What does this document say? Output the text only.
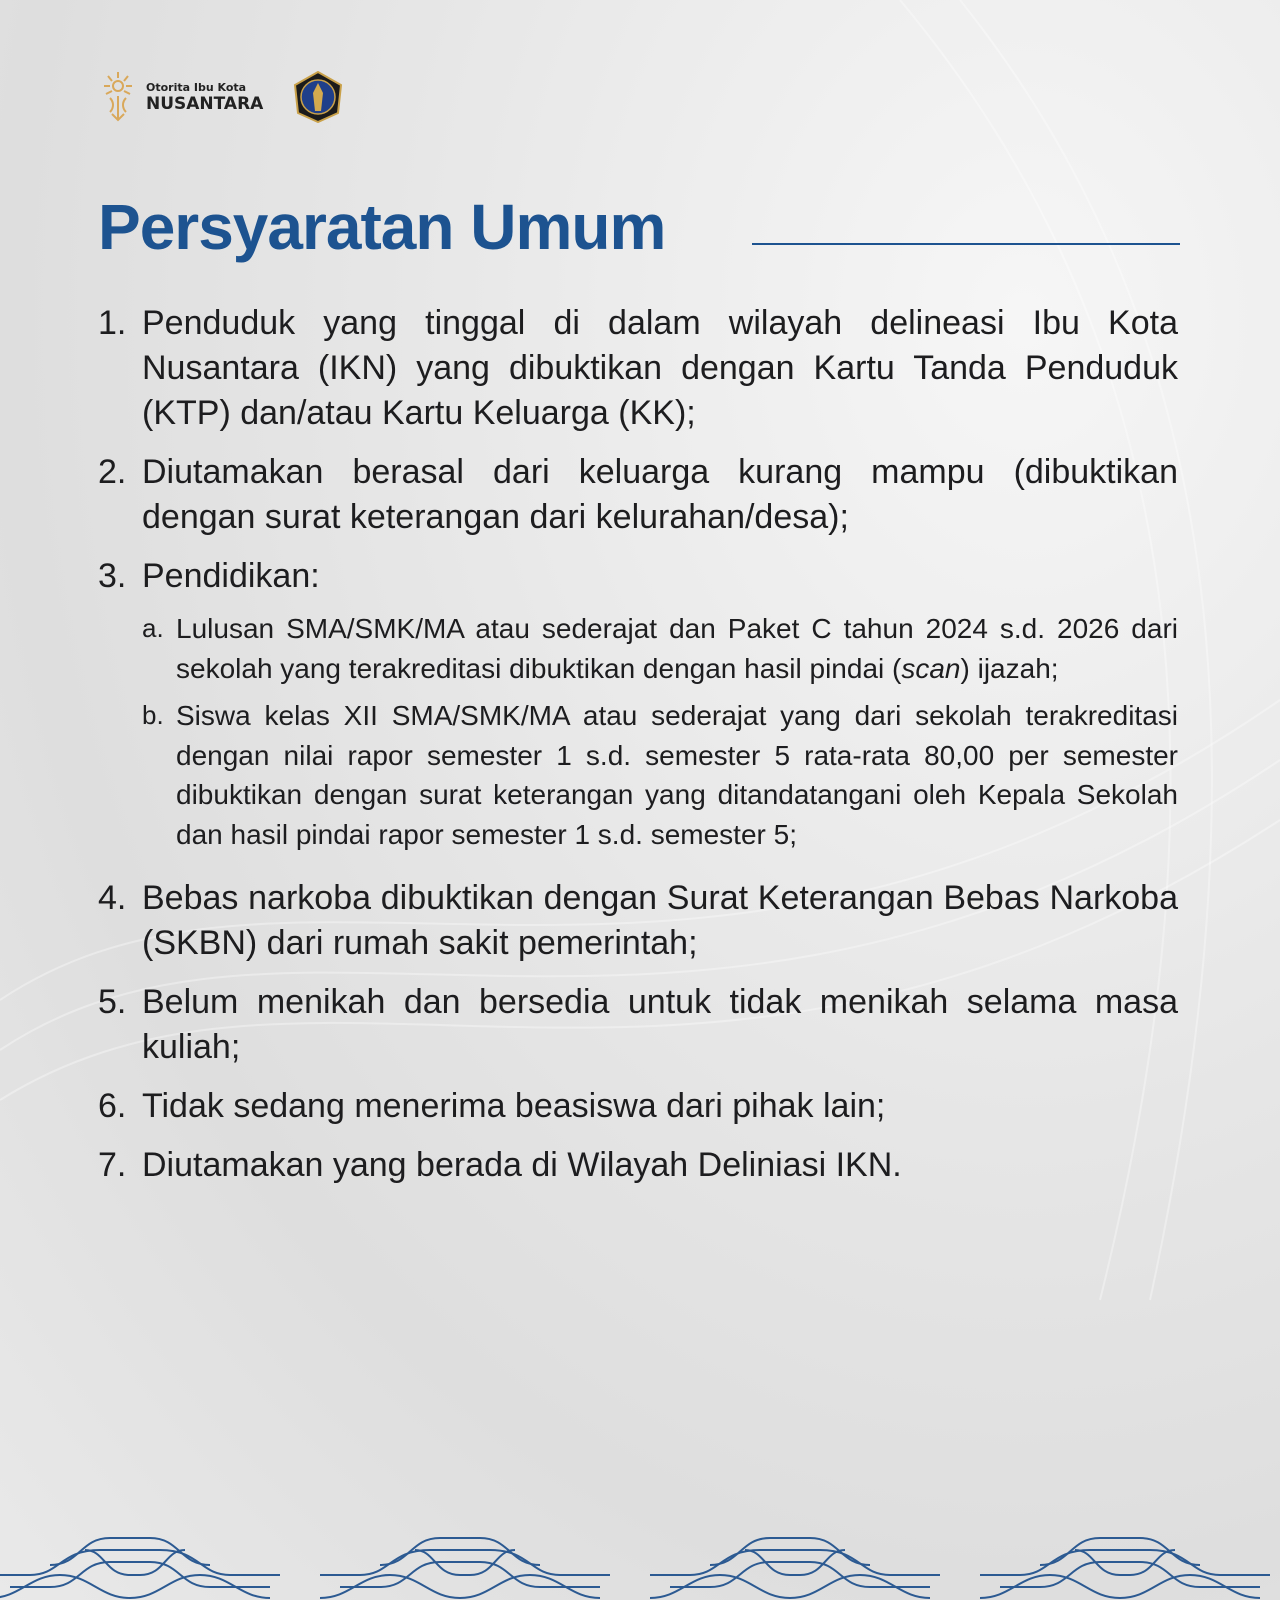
Otorita Ibu Kota
NUSANTARA
Persyaratan Umum
1. Penduduk yang tinggal di dalam wilayah delineasi Ibu Kota Nusantara (IKN) yang dibuktikan dengan Kartu Tanda Penduduk (KTP) dan/atau Kartu Keluarga (KK);
2. Diutamakan berasal dari keluarga kurang mampu (dibuktikan dengan surat keterangan dari kelurahan/desa);
3. Pendidikan:
a. Lulusan SMA/SMK/MA atau sederajat dan Paket C tahun 2024 s.d. 2026 dari sekolah yang terakreditasi dibuktikan dengan hasil pindai (scan) ijazah;
b. Siswa kelas XII SMA/SMK/MA atau sederajat yang dari sekolah terakreditasi dengan nilai rapor semester 1 s.d. semester 5 rata-rata 80,00 per semester dibuktikan dengan surat keterangan yang ditandatangani oleh Kepala Sekolah dan hasil pindai rapor semester 1 s.d. semester 5;
4. Bebas narkoba dibuktikan dengan Surat Keterangan Bebas Narkoba (SKBN) dari rumah sakit pemerintah;
5. Belum menikah dan bersedia untuk tidak menikah selama masa kuliah;
6. Tidak sedang menerima beasiswa dari pihak lain;
7. Diutamakan yang berada di Wilayah Deliniasi IKN.
